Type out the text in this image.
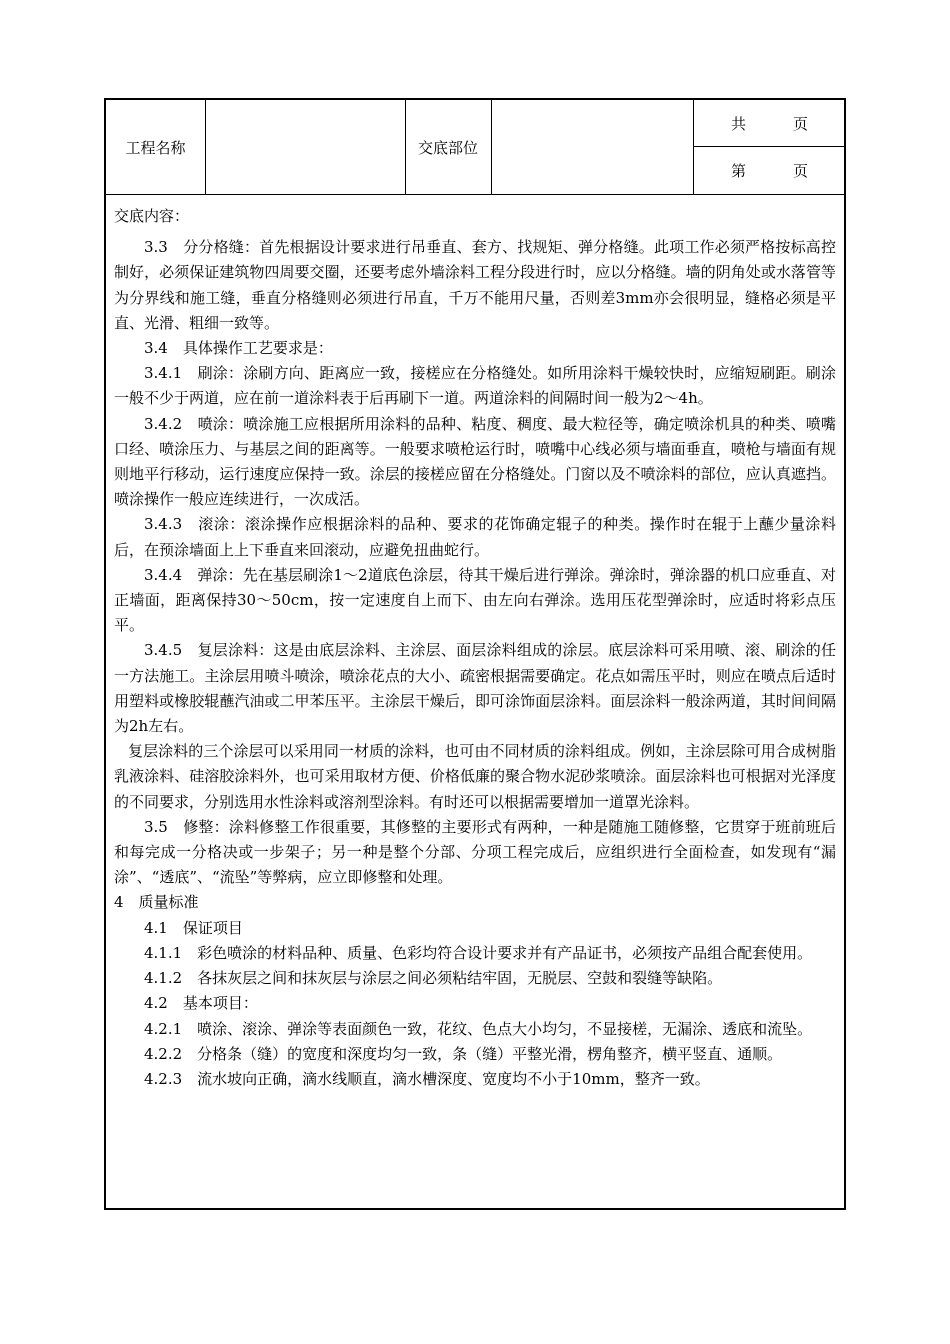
工程名称	交底部位
共	页
第	页

交底内容：

3.3　分分格缝：首先根据设计要求进行吊垂直、套方、找规矩、弹分格缝。此项工作必须严格按标高控制好，必须保证建筑物四周要交圈，还要考虑外墙涂料工程分段进行时，应以分格缝。墙的阴角处或水落管等为分界线和施工缝，垂直分格缝则必须进行吊直，千万不能用尺量，否则差3mm亦会很明显，缝格必须是平直、光滑、粗细一致等。

3.4　具体操作工艺要求是：

3.4.1　刷涂：涂刷方向、距离应一致，接槎应在分格缝处。如所用涂料干燥较快时，应缩短刷距。刷涂一般不少于两道，应在前一道涂料表于后再刷下一道。两道涂料的间隔时间一般为2～4h。

3.4.2　喷涂：喷涂施工应根据所用涂料的品种、粘度、稠度、最大粒径等，确定喷涂机具的种类、喷嘴口经、喷涂压力、与基层之间的距离等。一般要求喷枪运行时，喷嘴中心线必须与墙面垂直，喷枪与墙面有规则地平行移动，运行速度应保持一致。涂层的接槎应留在分格缝处。门窗以及不喷涂料的部位，应认真遮挡。喷涂操作一般应连续进行，一次成活。

3.4.3　滚涂：滚涂操作应根据涂料的品种、要求的花饰确定辊子的种类。操作时在辊于上蘸少量涂料后，在预涂墙面上上下垂直来回滚动，应避免扭曲蛇行。

3.4.4　弹涂：先在基层刷涂1～2道底色涂层，待其干燥后进行弹涂。弹涂时，弹涂器的机口应垂直、对正墙面，距离保持30～50cm，按一定速度自上而下、由左向右弹涂。选用压花型弹涂时，应适时将彩点压平。

3.4.5　复层涂料：这是由底层涂料、主涂层、面层涂料组成的涂层。底层涂料可采用喷、滚、刷涂的任一方法施工。主涂层用喷斗喷涂，喷涂花点的大小、疏密根据需要确定。花点如需压平时，则应在喷点后适时用塑料或橡胶辊蘸汽油或二甲苯压平。主涂层干燥后，即可涂饰面层涂料。面层涂料一般涂两道，其时间间隔为2h左右。

复层涂料的三个涂层可以采用同一材质的涂料，也可由不同材质的涂料组成。例如，主涂层除可用合成树脂乳液涂料、硅溶胶涂料外，也可采用取材方便、价格低廉的聚合物水泥砂浆喷涂。面层涂料也可根据对光泽度的不同要求，分别选用水性涂料或溶剂型涂料。有时还可以根据需要增加一道罩光涂料。

3.5　修整：涂料修整工作很重要，其修整的主要形式有两种，一种是随施工随修整，它贯穿于班前班后和每完成一分格决或一步架子；另一种是整个分部、分项工程完成后，应组织进行全面检查，如发现有“漏涂”、“透底”、“流坠”等弊病，应立即修整和处理。

4　质量标准

4.1　保证项目

4.1.1　彩色喷涂的材料品种、质量、色彩均符合设计要求并有产品证书，必须按产品组合配套使用。

4.1.2　各抹灰层之间和抹灰层与涂层之间必须粘结牢固，无脱层、空鼓和裂缝等缺陷。

4.2　基本项目：

4.2.1　喷涂、滚涂、弹涂等表面颜色一致，花纹、色点大小均匀，不显接槎，无漏涂、透底和流坠。

4.2.2　分格条（缝）的宽度和深度均匀一致，条（缝）平整光滑，楞角整齐，横平竖直、通顺。

4.2.3　流水坡向正确，滴水线顺直，滴水槽深度、宽度均不小于10mm，整齐一致。
